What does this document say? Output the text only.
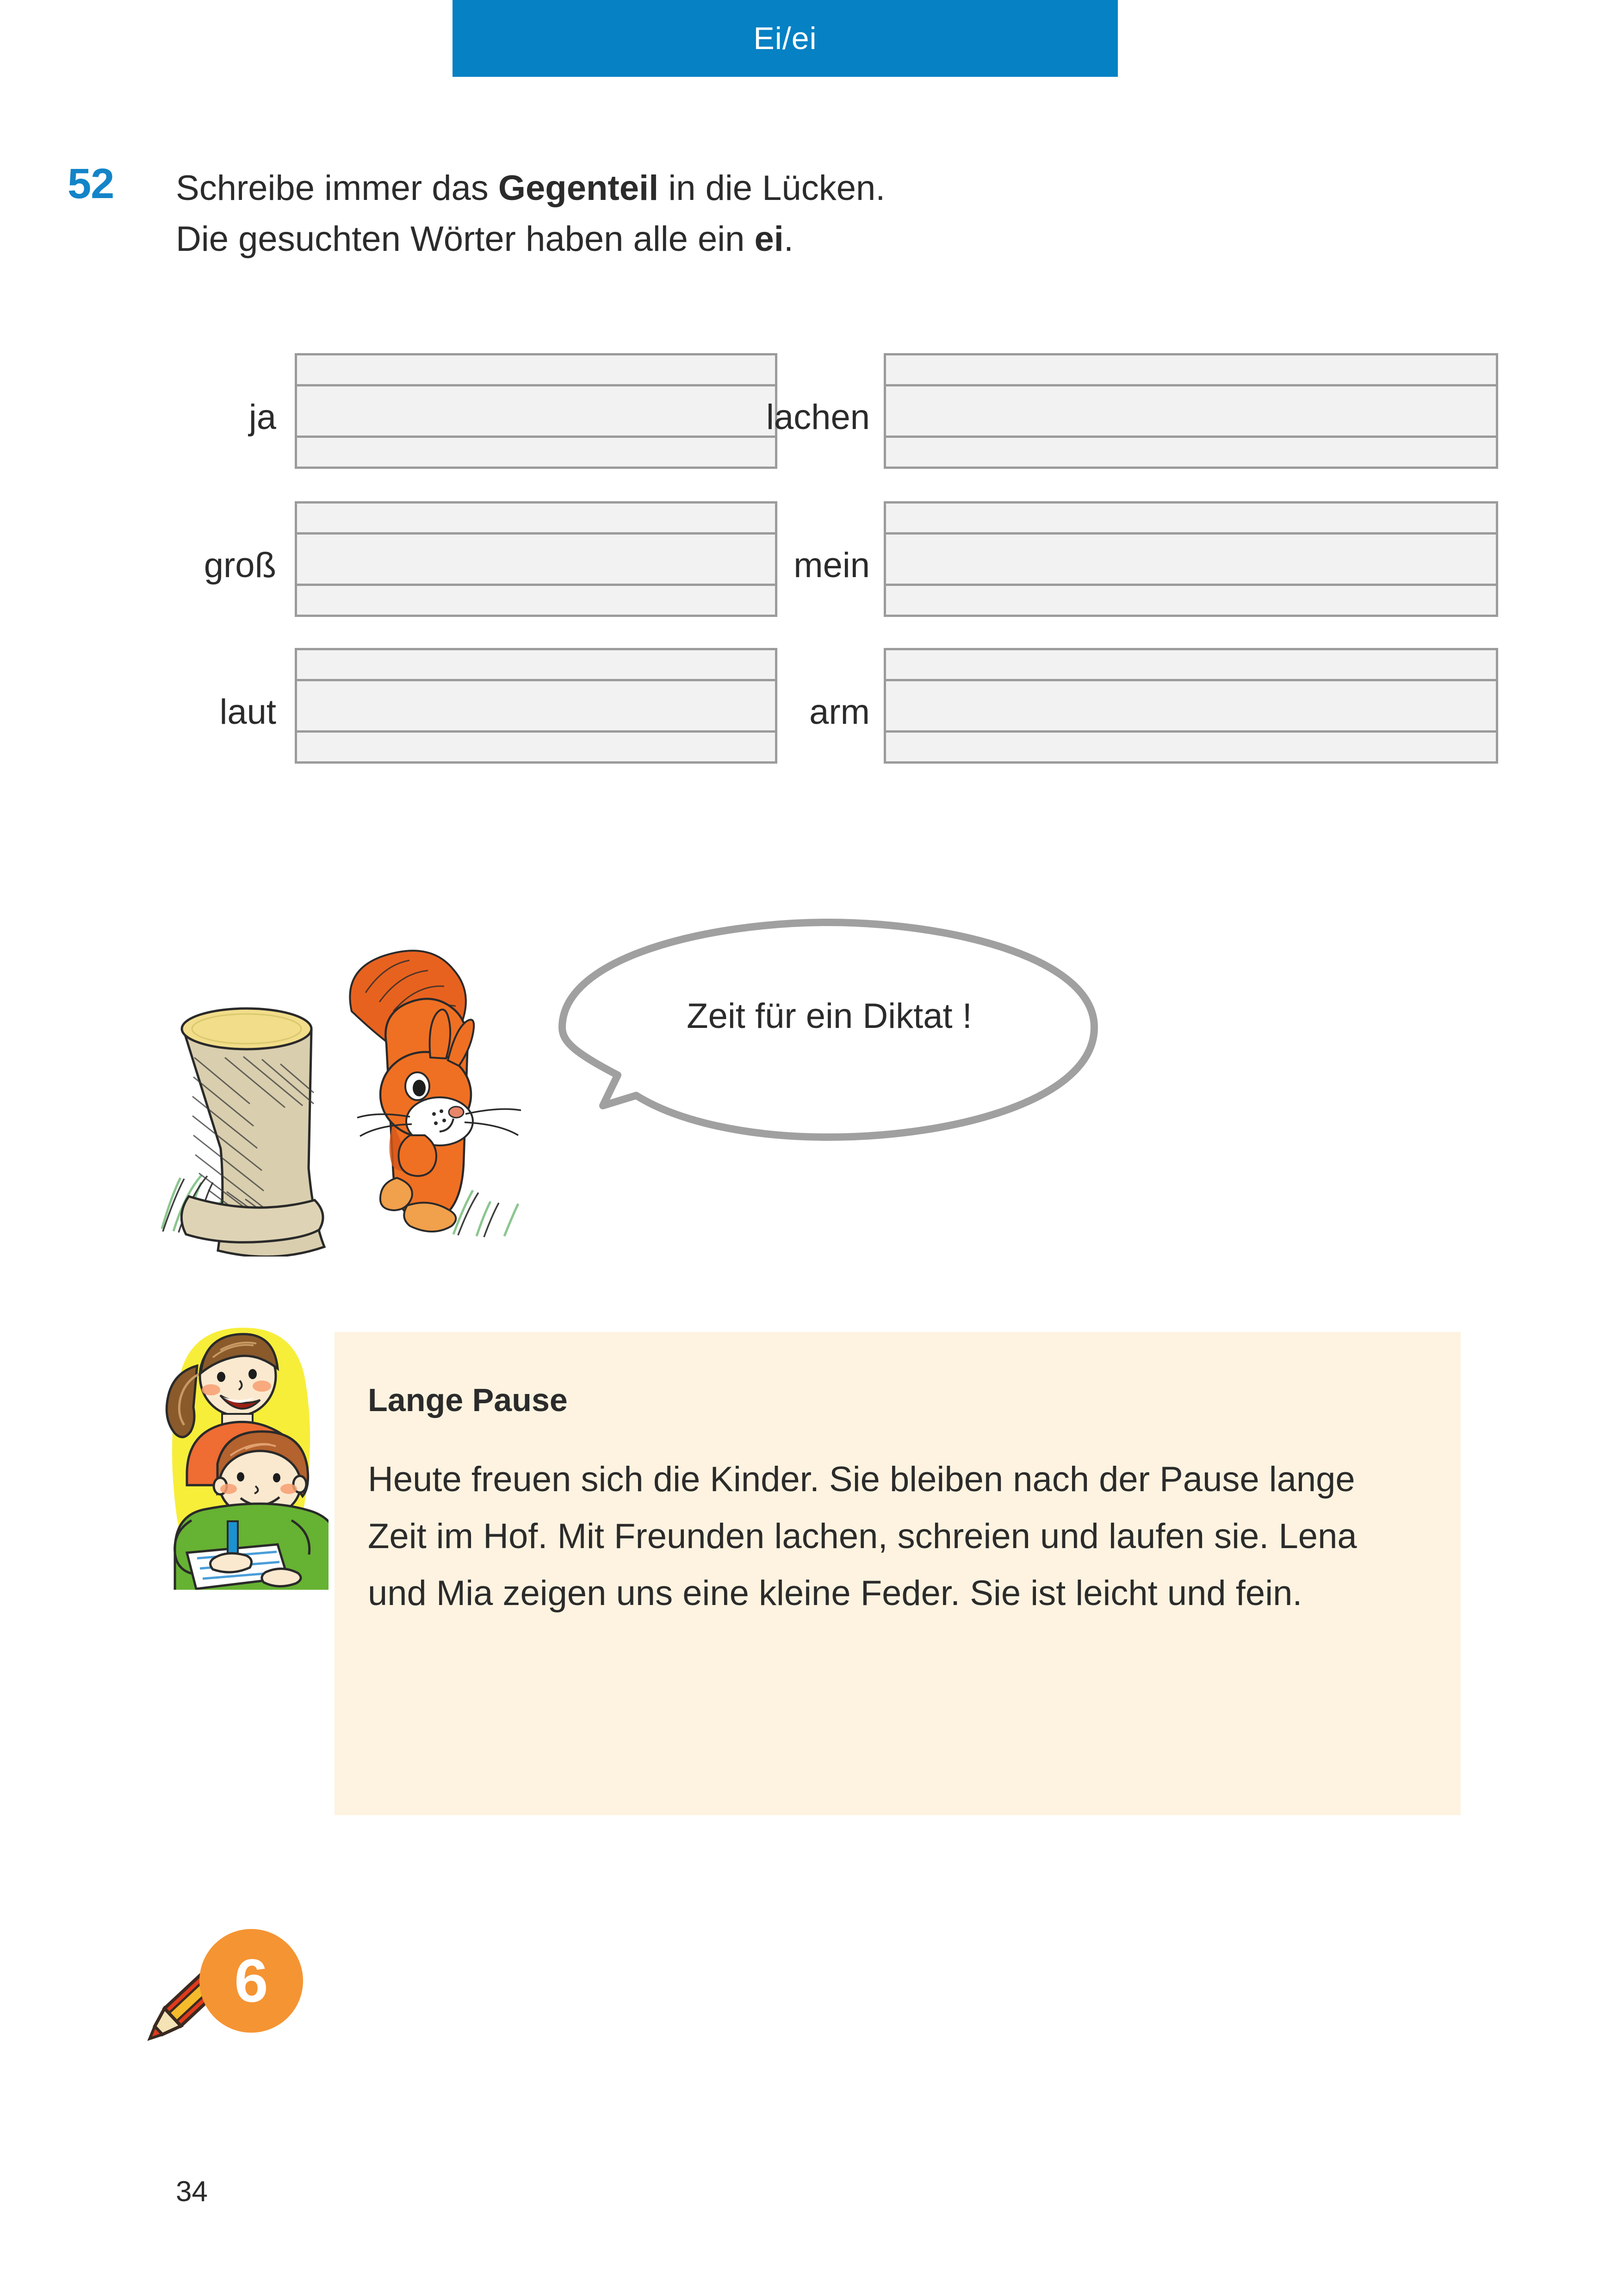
Ei/ei
52 Schreibe immer das Gegenteil in die Lücken.
Die gesuchten Wörter haben alle ein ei.
ja	lachen
groß	mein
laut	arm
Zeit für ein Diktat !
Lange Pause
Heute freuen sich die Kinder. Sie bleiben nach der Pause lange Zeit im Hof. Mit Freunden lachen, schreien und laufen sie. Lena und Mia zeigen uns eine kleine Feder. Sie ist leicht und fein.
6
34
